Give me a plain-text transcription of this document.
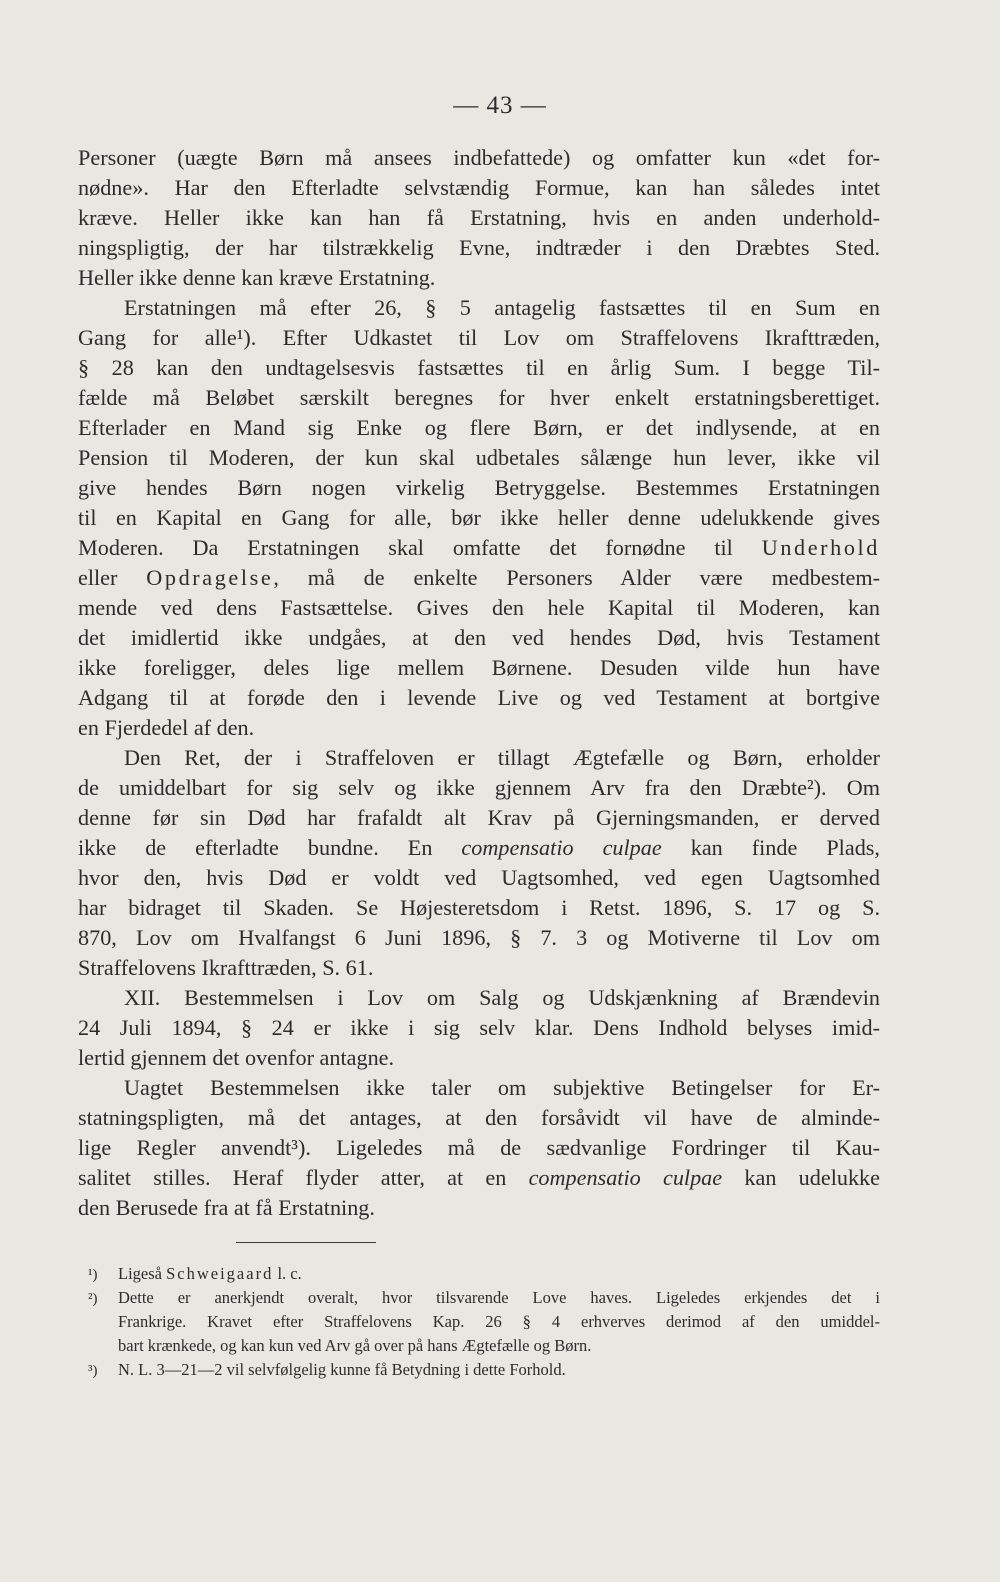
— 43 —
Personer (uægte Børn må ansees indbefattede) og omfatter kun «det for-
nødne». Har den Efterladte selvstændig Formue, kan han således intet
kræve. Heller ikke kan han få Erstatning, hvis en anden underhold-
ningspligtig, der har tilstrækkelig Evne, indtræder i den Dræbtes Sted.
Heller ikke denne kan kræve Erstatning.
Erstatningen må efter 26, § 5 antagelig fastsættes til en Sum en
Gang for alle¹). Efter Udkastet til Lov om Straffelovens Ikrafttræden,
§ 28 kan den undtagelsesvis fastsættes til en årlig Sum. I begge Til-
fælde må Beløbet særskilt beregnes for hver enkelt erstatningsberettiget.
Efterlader en Mand sig Enke og flere Børn, er det indlysende, at en
Pension til Moderen, der kun skal udbetales sålænge hun lever, ikke vil
give hendes Børn nogen virkelig Betryggelse. Bestemmes Erstatningen
til en Kapital en Gang for alle, bør ikke heller denne udelukkende gives
Moderen. Da Erstatningen skal omfatte det fornødne til Underhold
eller Opdragelse, må de enkelte Personers Alder være medbestem-
mende ved dens Fastsættelse. Gives den hele Kapital til Moderen, kan
det imidlertid ikke undgåes, at den ved hendes Død, hvis Testament
ikke foreligger, deles lige mellem Børnene. Desuden vilde hun have
Adgang til at forøde den i levende Live og ved Testament at bortgive
en Fjerdedel af den.
Den Ret, der i Straffeloven er tillagt Ægtefælle og Børn, erholder
de umiddelbart for sig selv og ikke gjennem Arv fra den Dræbte²). Om
denne før sin Død har frafaldt alt Krav på Gjerningsmanden, er derved
ikke de efterladte bundne. En compensatio culpae kan finde Plads,
hvor den, hvis Død er voldt ved Uagtsomhed, ved egen Uagtsomhed
har bidraget til Skaden. Se Højesteretsdom i Retst. 1896, S. 17 og S.
870, Lov om Hvalfangst 6 Juni 1896, § 7. 3 og Motiverne til Lov om
Straffelovens Ikrafttræden, S. 61.
XII. Bestemmelsen i Lov om Salg og Udskjænkning af Brændevin
24 Juli 1894, § 24 er ikke i sig selv klar. Dens Indhold belyses imid-
lertid gjennem det ovenfor antagne.
Uagtet Bestemmelsen ikke taler om subjektive Betingelser for Er-
statningspligten, må det antages, at den forsåvidt vil have de alminde-
lige Regler anvendt³). Ligeledes må de sædvanlige Fordringer til Kau-
salitet stilles. Heraf flyder atter, at en compensatio culpae kan udelukke
den Berusede fra at få Erstatning.
¹) Ligeså Schweigaard l. c.
²) Dette er anerkjendt overalt, hvor tilsvarende Love haves. Ligeledes erkjendes det i
Frankrige. Kravet efter Straffelovens Kap. 26 § 4 erhverves derimod af den umiddel-
bart krænkede, og kan kun ved Arv gå over på hans Ægtefælle og Børn.
³) N. L. 3—21—2 vil selvfølgelig kunne få Betydning i dette Forhold.
